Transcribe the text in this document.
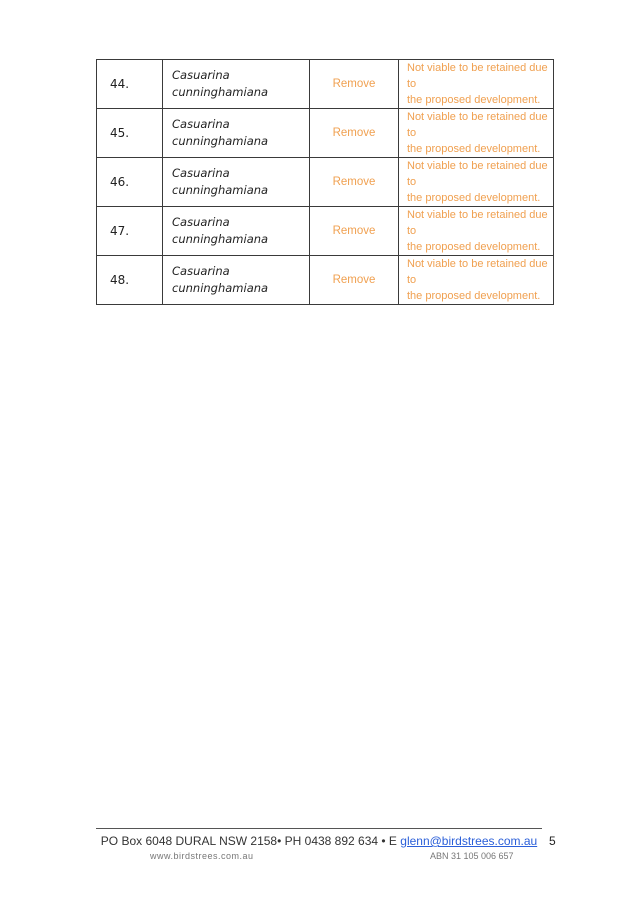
44.	Casuarina
cunninghamiana	Remove	Not viable to be retained due to
the proposed development.

45.	Casuarina
cunninghamiana	Remove	Not viable to be retained due to
the proposed development.

46.	Casuarina
cunninghamiana	Remove	Not viable to be retained due to
the proposed development.

47.	Casuarina
cunninghamiana	Remove	Not viable to be retained due to
the proposed development.

48.	Casuarina
cunninghamiana	Remove	Not viable to be retained due to
the proposed development.
PO Box 6048 DURAL NSW 2158• PH 0438 892 634 • E glenn@birdstrees.com.au
www.birdstrees.com.au	ABN 31 105 006 657
5
